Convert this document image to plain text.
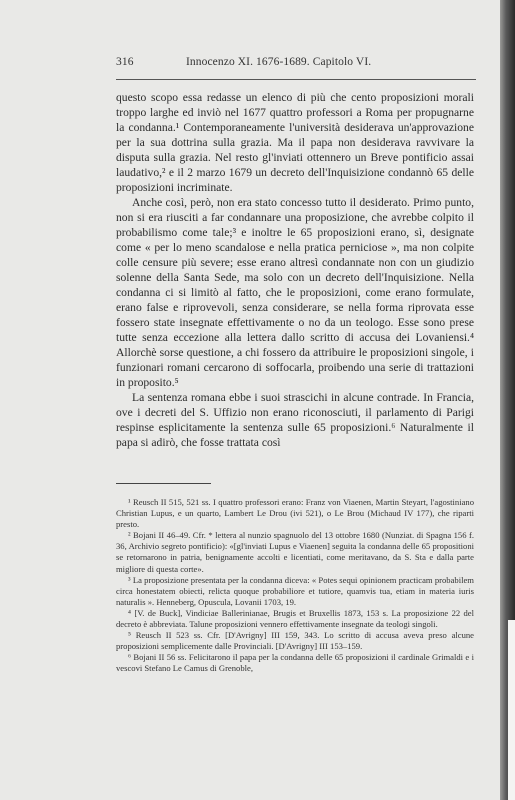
316	Innocenzo XI. 1676-1689. Capitolo VI.

questo scopo essa redasse un elenco di più che cento proposizioni morali troppo larghe ed inviò nel 1677 quattro professori a Roma per propugnarne la condanna.¹ Contemporaneamente l'università desiderava un'approvazione per la sua dottrina sulla grazia. Ma il papa non desiderava ravvivare la disputa sulla grazia. Nel resto gl'inviati ottennero un Breve pontificio assai laudativo,² e il 2 marzo 1679 un decreto dell'Inquisizione condannò 65 delle proposizioni incriminate.

Anche così, però, non era stato concesso tutto il desiderato. Primo punto, non si era riusciti a far condannare una proposizione, che avrebbe colpito il probabilismo come tale;³ e inoltre le 65 proposizioni erano, sì, designate come « per lo meno scandalose e nella pratica perniciose », ma non colpite colle censure più severe; esse erano altresì condannate non con un giudizio solenne della Santa Sede, ma solo con un decreto dell'Inquisizione. Nella condanna ci si limitò al fatto, che le proposizioni, come erano formulate, erano false e riprovevoli, senza considerare, se nella forma riprovata esse fossero state insegnate effettivamente o no da un teologo. Esse sono prese tutte senza eccezione alla lettera dallo scritto di accusa dei Lovaniensi.⁴ Allorchè sorse questione, a chi fossero da attribuire le proposizioni singole, i funzionari romani cercarono di soffocarla, proibendo una serie di trattazioni in proposito.⁵

La sentenza romana ebbe i suoi strascichi in alcune contrade. In Francia, ove i decreti del S. Uffizio non erano riconosciuti, il parlamento di Parigi respinse esplicitamente la sentenza sulle 65 proposizioni.⁶ Naturalmente il papa si adirò, che fosse trattata così

¹ Reusch II 515, 521 ss. I quattro professori erano: Franz von Viaenen, Martin Steyart, l'agostiniano Christian Lupus, e un quarto, Lambert Le Drou (ivi 521), o Le Brou (Michaud IV 177), che riparti presto.

² Bojani II 46–49. Cfr. * lettera al nunzio spagnuolo del 13 ottobre 1680 (Nunziat. di Spagna 156 f. 36, Archivio segreto pontificio): «[gl'inviati Lupus e Viaenen] seguita la condanna delle 65 propositioni se retornarono in patria, benignamente accolti e licentiati, come meritavano, da S. Sta e dalla parte migliore di questa corte».

³ La proposizione presentata per la condanna diceva: « Potes sequi opinionem practicam probabilem circa honestatem obiecti, relicta quoque probabiliore et tutiore, quamvis tua, etiam in materia iuris naturalis ». Henneberg, Opuscula, Lovanii 1703, 19.

⁴ [V. de Buck], Vindiciae Ballerinianae, Brugis et Bruxellis 1873, 153 s. La proposizione 22 del decreto è abbreviata. Talune proposizioni vennero effettivamente insegnate da teologi singoli.

⁵ Reusch II 523 ss. Cfr. [D'Avrigny] III 159, 343. Lo scritto di accusa aveva preso alcune proposizioni semplicemente dalle Provinciali. [D'Avrigny] III 153–159.

⁶ Bojani II 56 ss. Felicitarono il papa per la condanna delle 65 proposizioni il cardinale Grimaldi e i vescovi Stefano Le Camus di Grenoble,
